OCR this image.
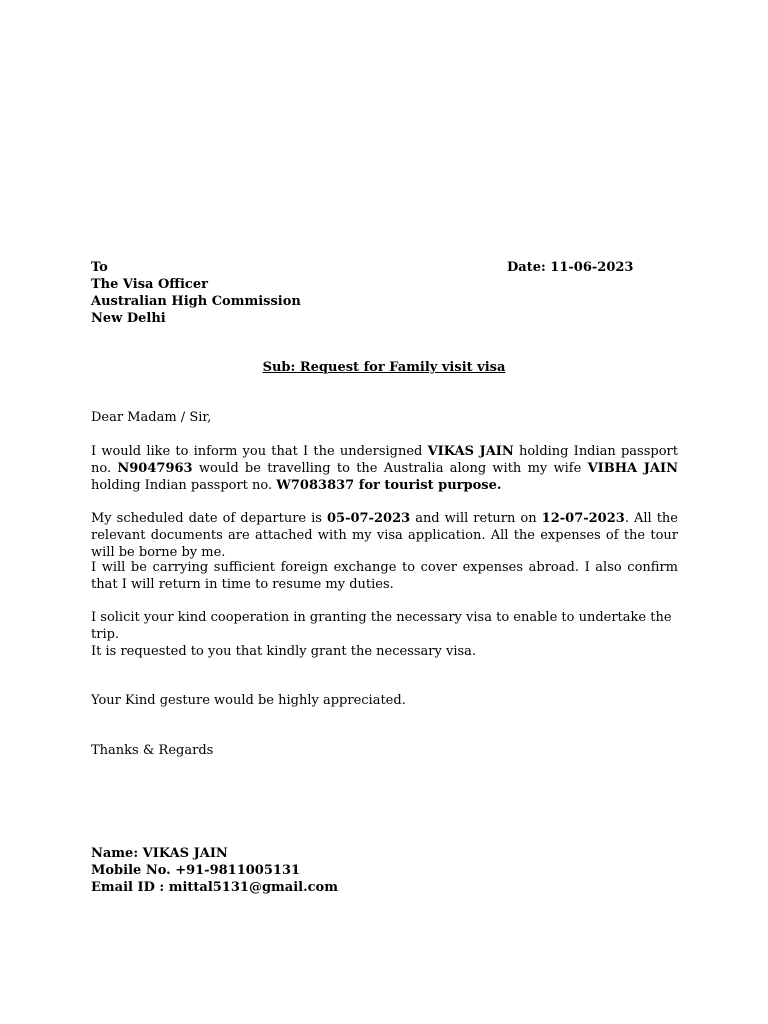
To
The Visa Officer
Australian High Commission
New Delhi
Date: 11-06-2023
Sub: Request for Family visit visa
Dear Madam / Sir,
I would like to inform you that I the undersigned VIKAS JAIN holding Indian passport no. N9047963 would be travelling to the Australia along with my wife VIBHA JAIN holding Indian passport no. W7083837 for tourist purpose.
My scheduled date of departure is 05-07-2023 and will return on 12-07-2023. All the relevant documents are attached with my visa application. All the expenses of the tour will be borne by me.
I will be carrying sufficient foreign exchange to cover expenses abroad. I also confirm that I will return in time to resume my duties.
I solicit your kind cooperation in granting the necessary visa to enable to undertake the trip.
It is requested to you that kindly grant the necessary visa.
Your Kind gesture would be highly appreciated.
Thanks & Regards
Name: VIKAS JAIN
Mobile No. +91-9811005131
Email ID : mittal5131@gmail.com
